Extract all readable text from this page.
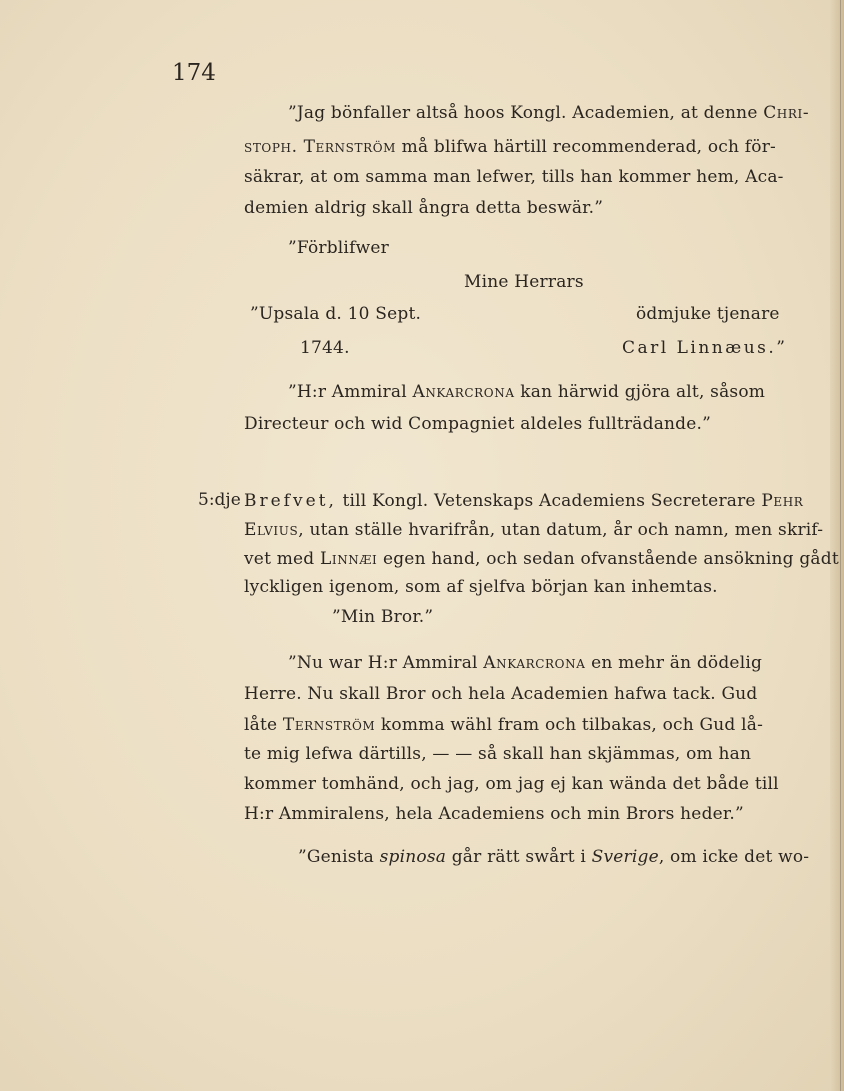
174
”Jag bönfaller altså hoos Kongl. Academien, at denne Chri-
stoph. Ternström må blifwa härtill recommenderad, och för-
säkrar, at om samma man lefwer, tills han kommer hem, Aca-
demien aldrig skall ångra detta beswär.”
”Förblifwer
Mine Herrars
”Upsala d. 10 Sept.	ödmjuke tjenare
1744.	Carl Linnæus.”
”H:r Ammiral Ankarcrona kan härwid gjöra alt, såsom
Directeur och wid Compagniet aldeles fullträdande.”
5:dje Brefvet, till Kongl. Vetenskaps Academiens Secreterare Pehr
Elvius, utan ställe hvarifrån, utan datum, år och namn, men skrif-
vet med Linnæi egen hand, och sedan ofvanstående ansökning gådt
lyckligen igenom, som af sjelfva början kan inhemtas.
”Min Bror.”
”Nu war H:r Ammiral Ankarcrona en mehr än dödelig
Herre. Nu skall Bror och hela Academien hafwa tack. Gud
låte Ternström komma wähl fram och tilbakas, och Gud lå-
te mig lefwa därtills, — — så skall han skjämmas, om han
kommer tomhänd, och jag, om jag ej kan wända det både till
H:r Ammiralens, hela Academiens och min Brors heder.”
”Genista spinosa går rätt swårt i Sverige, om icke det wo-
